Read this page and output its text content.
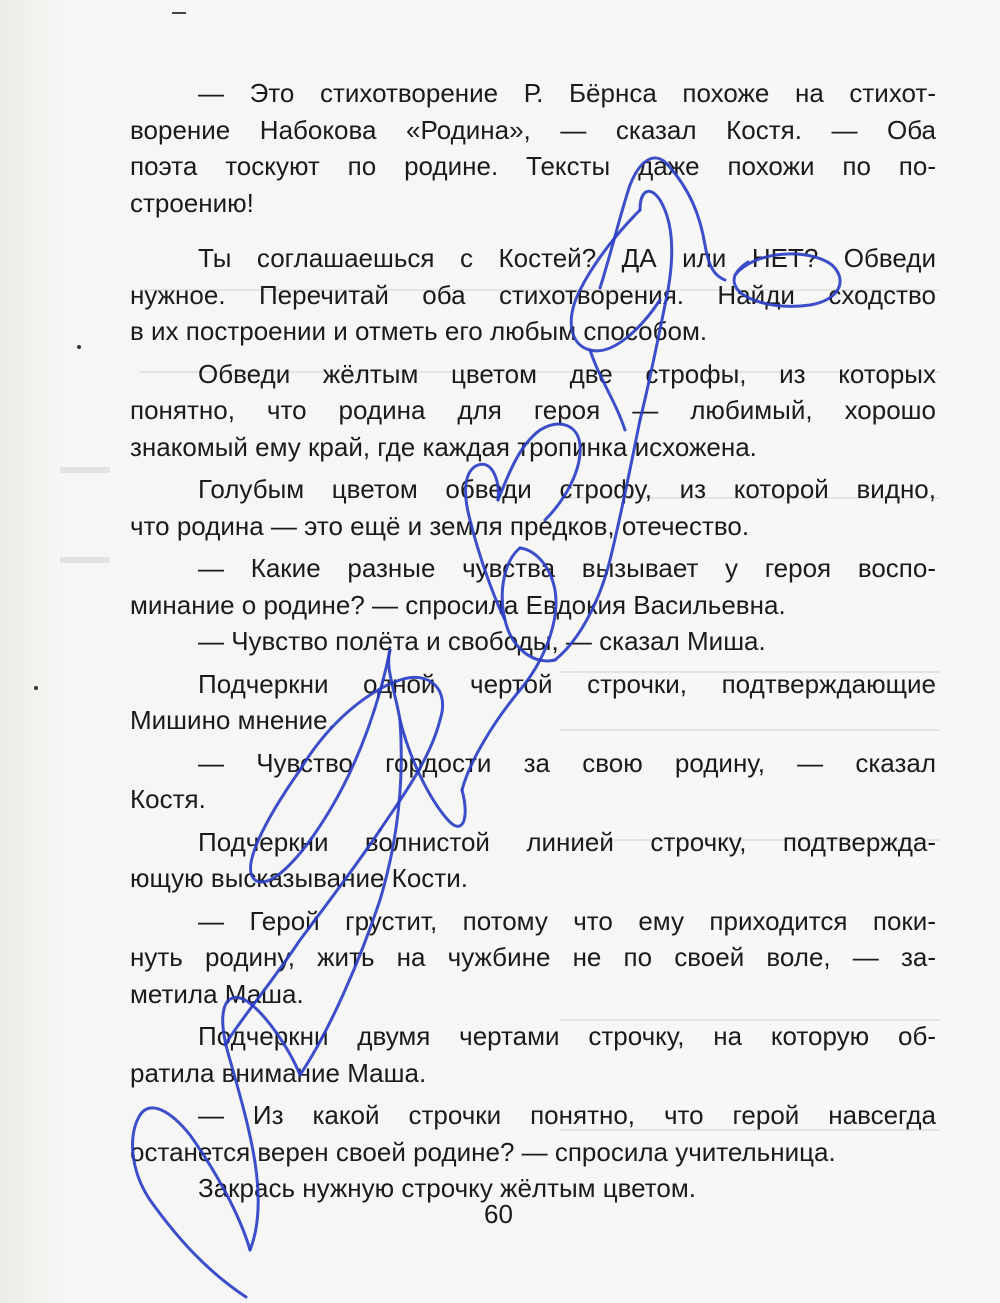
— Это стихотворение Р. Бёрнса похоже на стихот-
ворение Набокова «Родина», — сказал Костя. — Оба
поэта тоскуют по родине. Тексты даже похожи по по-
строению!
Ты соглашаешься с Костей? ДА или НЕТ? Обведи
нужное. Перечитай оба стихотворения. Найди сходство
в их построении и отметь его любым способом.
Обведи жёлтым цветом две строфы, из которых
понятно, что родина для героя — любимый, хорошо
знакомый ему край, где каждая тропинка исхожена.
Голубым цветом обведи строфу, из которой видно,
что родина — это ещё и земля предков, отечество.
— Какие разные чувства вызывает у героя воспо-
минание о родине? — спросила Евдокия Васильевна.
— Чувство полёта и свободы, — сказал Миша.
Подчеркни одной чертой строчки, подтверждающие
Мишино мнение.
— Чувство гордости за свою родину, — сказал
Костя.
Подчеркни волнистой линией строчку, подтвержда-
ющую высказывание Кости.
— Герой грустит, потому что ему приходится поки-
нуть родину, жить на чужбине не по своей воле, — за-
метила Маша.
Подчеркни двумя чертами строчку, на которую об-
ратила внимание Маша.
— Из какой строчки понятно, что герой навсегда
останется верен своей родине? — спросила учительница.
Закрась нужную строчку жёлтым цветом.
60
